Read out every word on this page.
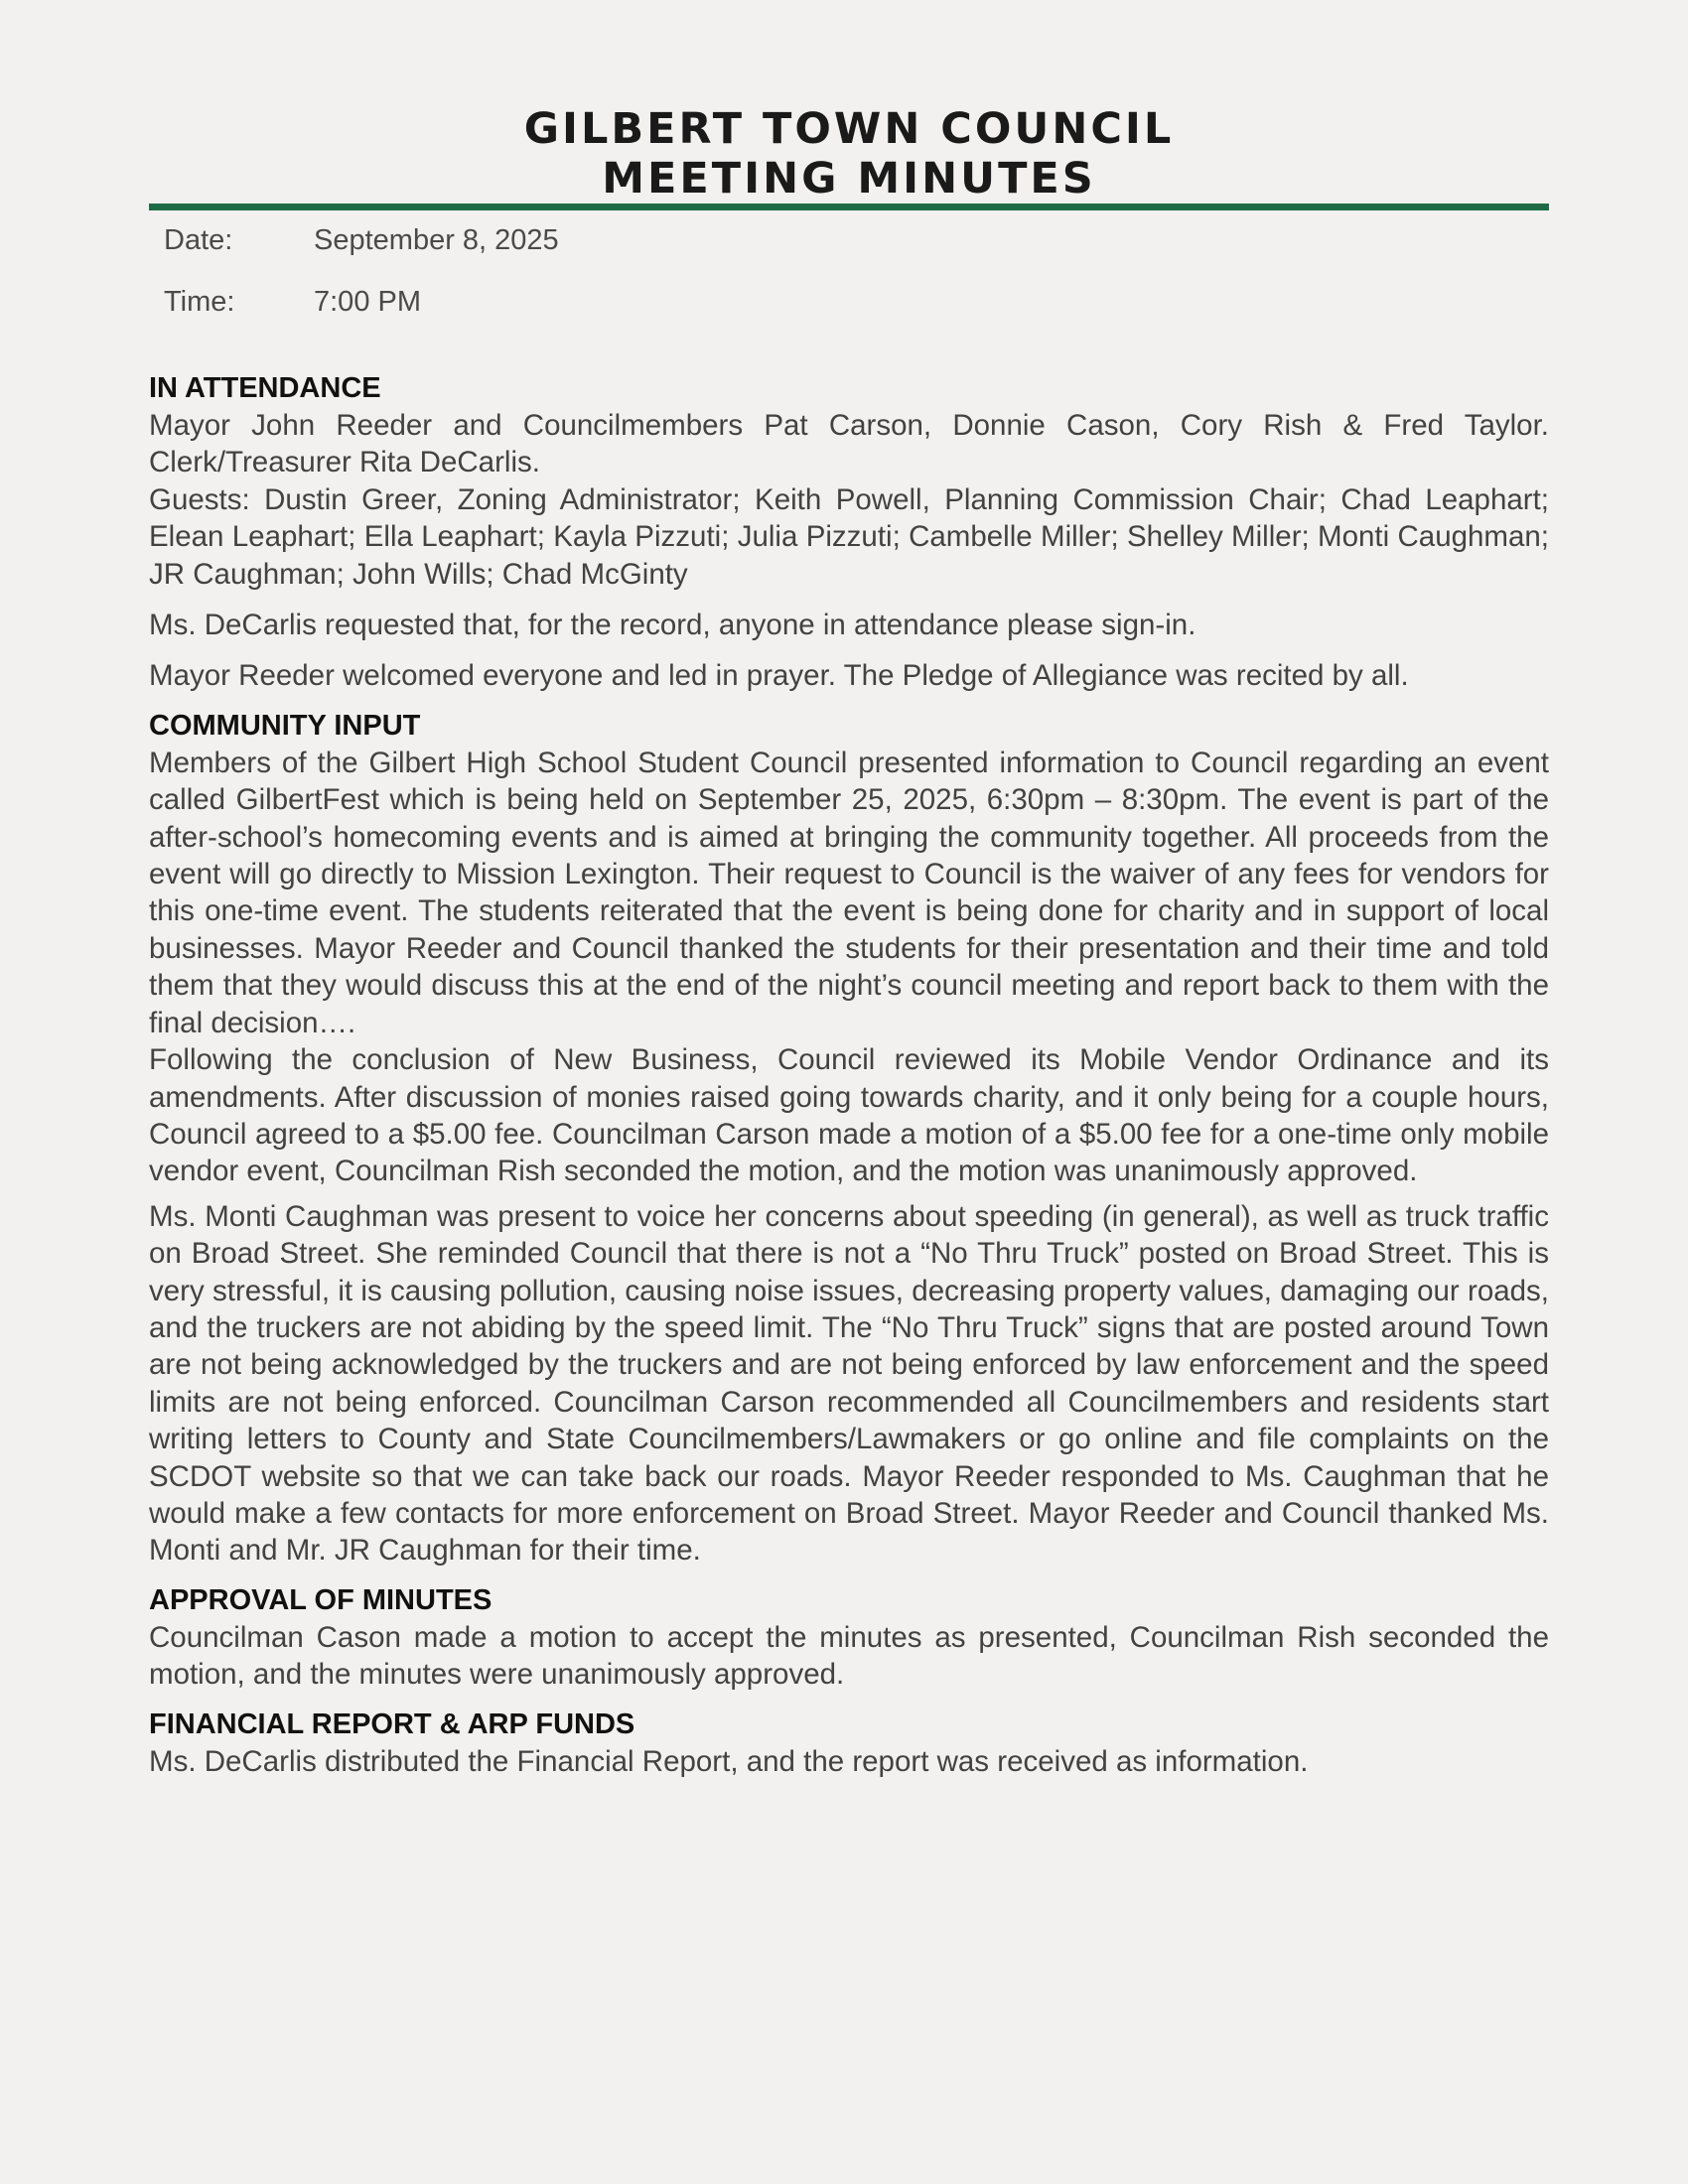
GILBERT TOWN COUNCIL
MEETING MINUTES
Date:	September 8, 2025
Time:	7:00 PM
IN ATTENDANCE

Mayor John Reeder and Councilmembers Pat Carson, Donnie Cason, Cory Rish & Fred Taylor. Clerk/Treasurer Rita DeCarlis.

Guests: Dustin Greer, Zoning Administrator; Keith Powell, Planning Commission Chair; Chad Leaphart; Elean Leaphart; Ella Leaphart; Kayla Pizzuti; Julia Pizzuti; Cambelle Miller; Shelley Miller; Monti Caughman; JR Caughman; John Wills; Chad McGinty

Ms. DeCarlis requested that, for the record, anyone in attendance please sign-in.

Mayor Reeder welcomed everyone and led in prayer. The Pledge of Allegiance was recited by all.

COMMUNITY INPUT

Members of the Gilbert High School Student Council presented information to Council regarding an event called GilbertFest which is being held on September 25, 2025, 6:30pm – 8:30pm. The event is part of the after-school’s homecoming events and is aimed at bringing the community together. All proceeds from the event will go directly to Mission Lexington. Their request to Council is the waiver of any fees for vendors for this one-time event. The students reiterated that the event is being done for charity and in support of local businesses. Mayor Reeder and Council thanked the students for their presentation and their time and told them that they would discuss this at the end of the night’s council meeting and report back to them with the final decision….

Following the conclusion of New Business, Council reviewed its Mobile Vendor Ordinance and its amendments. After discussion of monies raised going towards charity, and it only being for a couple hours, Council agreed to a $5.00 fee. Councilman Carson made a motion of a $5.00 fee for a one-time only mobile vendor event, Councilman Rish seconded the motion, and the motion was unanimously approved.

Ms. Monti Caughman was present to voice her concerns about speeding (in general), as well as truck traffic on Broad Street. She reminded Council that there is not a “No Thru Truck” posted on Broad Street. This is very stressful, it is causing pollution, causing noise issues, decreasing property values, damaging our roads, and the truckers are not abiding by the speed limit. The “No Thru Truck” signs that are posted around Town are not being acknowledged by the truckers and are not being enforced by law enforcement and the speed limits are not being enforced. Councilman Carson recommended all Councilmembers and residents start writing letters to County and State Councilmembers/Lawmakers or go online and file complaints on the SCDOT website so that we can take back our roads. Mayor Reeder responded to Ms. Caughman that he would make a few contacts for more enforcement on Broad Street. Mayor Reeder and Council thanked Ms. Monti and Mr. JR Caughman for their time.

APPROVAL OF MINUTES

Councilman Cason made a motion to accept the minutes as presented, Councilman Rish seconded the motion, and the minutes were unanimously approved.

FINANCIAL REPORT & ARP FUNDS

Ms. DeCarlis distributed the Financial Report, and the report was received as information.
